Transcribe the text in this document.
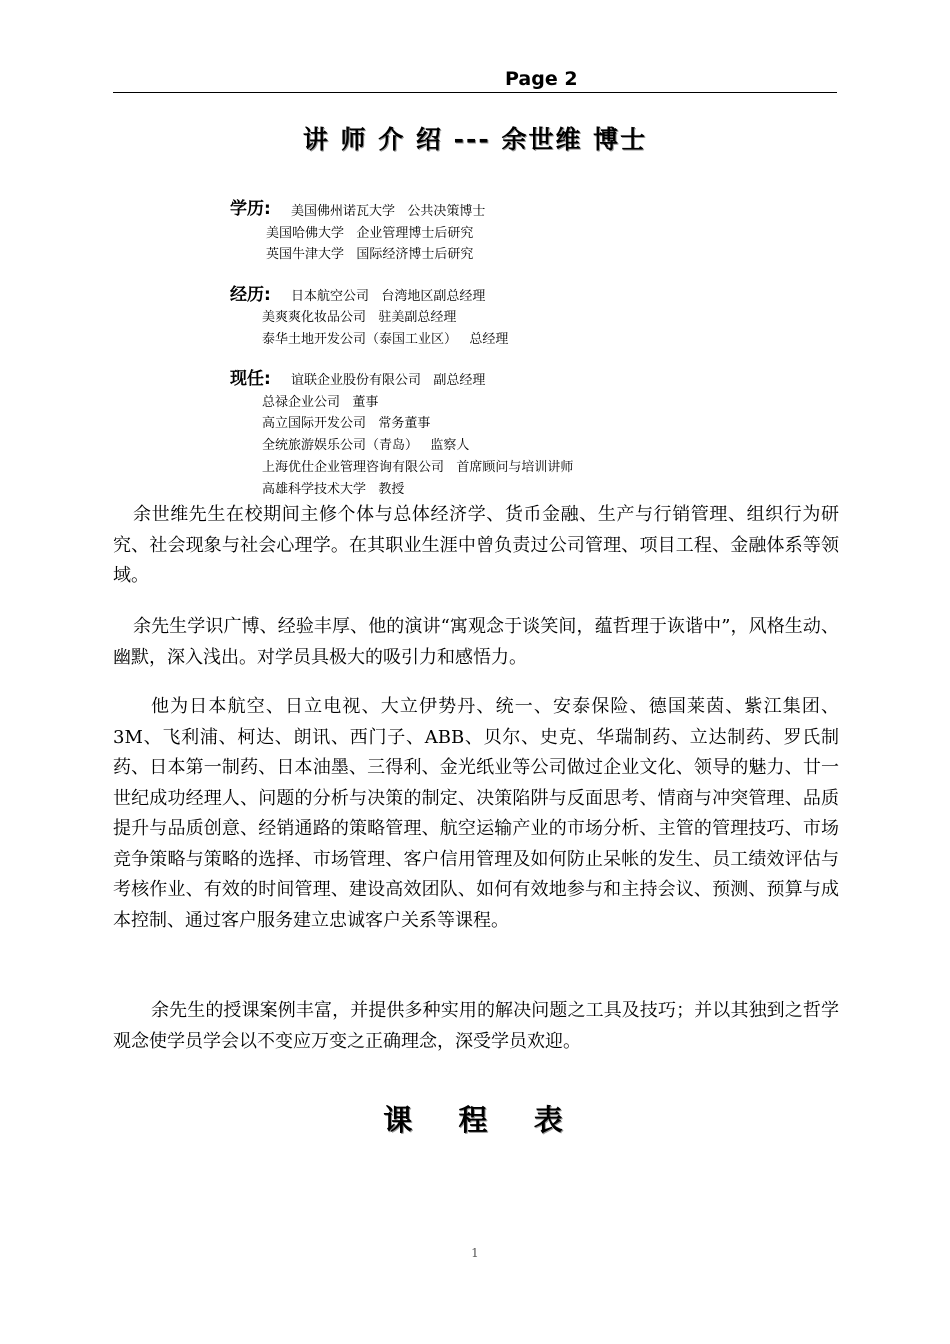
Page 2
讲 师 介 绍 --- 余世维 博士
学历: 美国佛州诺瓦大学   公共决策博士
美国哈佛大学   企业管理博士后研究
英国牛津大学   国际经济博士后研究
经历: 日本航空公司   台湾地区副总经理
美爽爽化妆品公司   驻美副总经理
泰华土地开发公司（泰国工业区）   总经理
现任: 谊联企业股份有限公司   副总经理
总禄企业公司   董事
高立国际开发公司   常务董事
全统旅游娱乐公司（青岛）   监察人
上海优仕企业管理咨询有限公司   首席顾问与培训讲师
高雄科学技术大学   教授

余世维先生在校期间主修个体与总体经济学、货币金融、生产与行销管理、组织行为研究、社会现象与社会心理学。在其职业生涯中曾负责过公司管理、项目工程、金融体系等领域。

余先生学识广博、经验丰厚、他的演讲“寓观念于谈笑间，蕴哲理于诙谐中”，风格生动、幽默，深入浅出。对学员具极大的吸引力和感悟力。

他为日本航空、日立电视、大立伊势丹、统一、安泰保险、德国莱茵、紫江集团、3M、飞利浦、柯达、朗讯、西门子、ABB、贝尔、史克、华瑞制药、立达制药、罗氏制药、日本第一制药、日本油墨、三得利、金光纸业等公司做过企业文化、领导的魅力、廿一世纪成功经理人、问题的分析与决策的制定、决策陷阱与反面思考、情商与冲突管理、品质提升与品质创意、经销通路的策略管理、航空运输产业的市场分析、主管的管理技巧、市场竞争策略与策略的选择、市场管理、客户信用管理及如何防止呆帐的发生、员工绩效评估与考核作业、有效的时间管理、建设高效团队、如何有效地参与和主持会议、预测、预算与成本控制、通过客户服务建立忠诚客户关系等课程。

余先生的授课案例丰富，并提供多种实用的解决问题之工具及技巧；并以其独到之哲学观念使学员学会以不变应万变之正确理念，深受学员欢迎。

课   程   表
1
